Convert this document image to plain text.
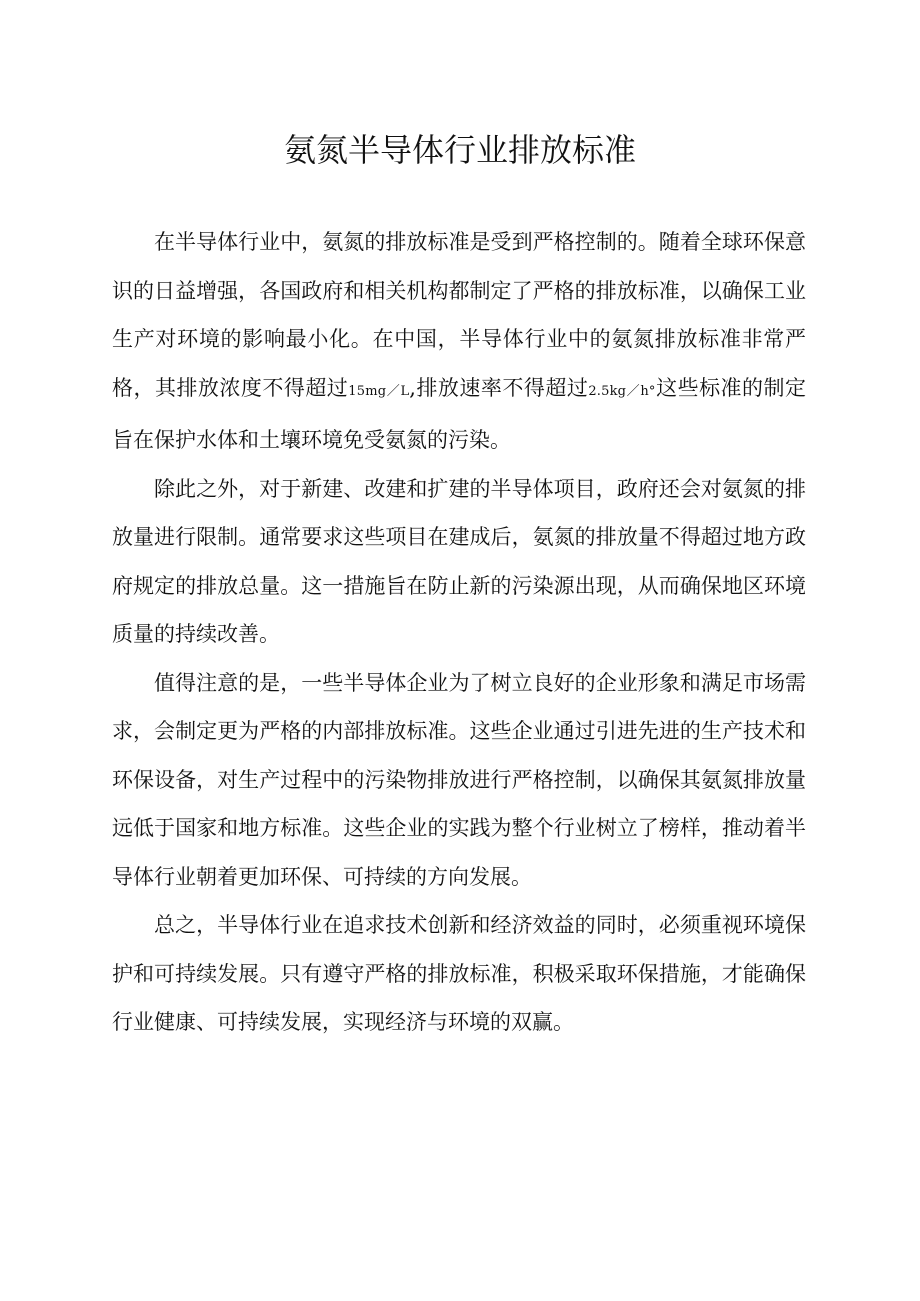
氨氮半导体行业排放标准

在半导体行业中，氨氮的排放标准是受到严格控制的。随着全球环保意识的日益增强，各国政府和相关机构都制定了严格的排放标准，以确保工业生产对环境的影响最小化。在中国，半导体行业中的氨氮排放标准非常严格，其排放浓度不得超过15mg／L,排放速率不得超过2.5kg／h°这些标准的制定旨在保护水体和土壤环境免受氨氮的污染。

除此之外，对于新建、改建和扩建的半导体项目，政府还会对氨氮的排放量进行限制。通常要求这些项目在建成后，氨氮的排放量不得超过地方政府规定的排放总量。这一措施旨在防止新的污染源出现，从而确保地区环境质量的持续改善。

值得注意的是，一些半导体企业为了树立良好的企业形象和满足市场需求，会制定更为严格的内部排放标准。这些企业通过引进先进的生产技术和环保设备，对生产过程中的污染物排放进行严格控制，以确保其氨氮排放量远低于国家和地方标准。这些企业的实践为整个行业树立了榜样，推动着半导体行业朝着更加环保、可持续的方向发展。

总之，半导体行业在追求技术创新和经济效益的同时，必须重视环境保护和可持续发展。只有遵守严格的排放标准，积极采取环保措施，才能确保行业健康、可持续发展，实现经济与环境的双赢。
